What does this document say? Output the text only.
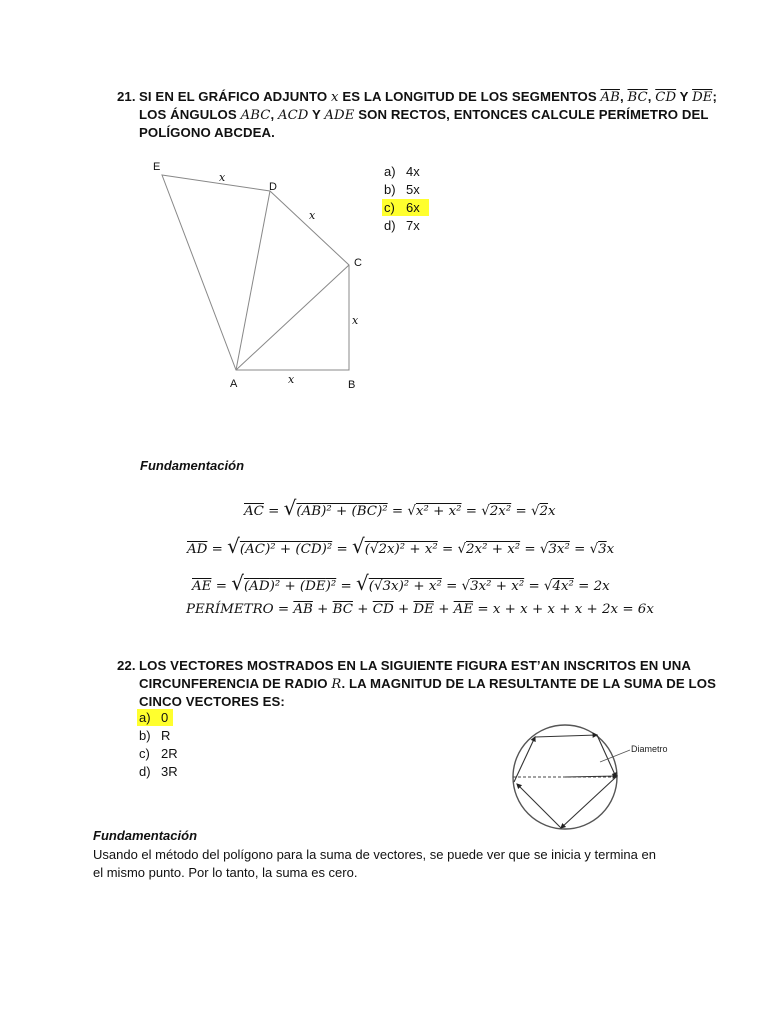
21. SI EN EL GRÁFICO ADJUNTO x ES LA LONGITUD DE LOS SEGMENTOS $\overline{AB}$, $\overline{BC}$, $\overline{CD}$ Y $\overline{DE}$;
LOS ÁNGULOS ABC, ACD Y ADE SON RECTOS, ENTONCES CALCULE PERÍMETRO DEL
POLÍGONO ABCDEA.
E
D
C
A	B
x
x
x
x
a) 4x
b) 5x
c) 6x
d) 7x
Fundamentación
$\overline{AC} = √(AB)^2 + (BC)^2 = √x^2 + x^2 = √2x^2 = √2x$
$\overline{AD} = √(AC)^2 + (CD)^2 = √(√2x)^2 + x^2 = √2x^2 + x^2 = √3x^2 = √3x$
$\overline{AE} = √(AD)^2 + (DE)^2 = √(√3x)^2 + x^2 = √3x^2 + x^2 = √4x^2 = 2x$
PERÍMETRO = $\overline{AB} + \overline{BC} + \overline{CD} + \overline{DE} + \overline{AE} = x + x + x + x + 2x = 6x$
22. LOS VECTORES MOSTRADOS EN LA SIGUIENTE FIGURA EST’AN INSCRITOS EN UNA
CIRCUNFERENCIA DE RADIO R. LA MAGNITUD DE LA RESULTANTE DE LA SUMA DE LOS
CINCO VECTORES ES:
a) 0
b) R
c) 2R
d) 3R
Diametro
Fundamentación
Usando el método del polígono para la suma de vectores, se puede ver que se inicia y termina en
el mismo punto. Por lo tanto, la suma es cero.
